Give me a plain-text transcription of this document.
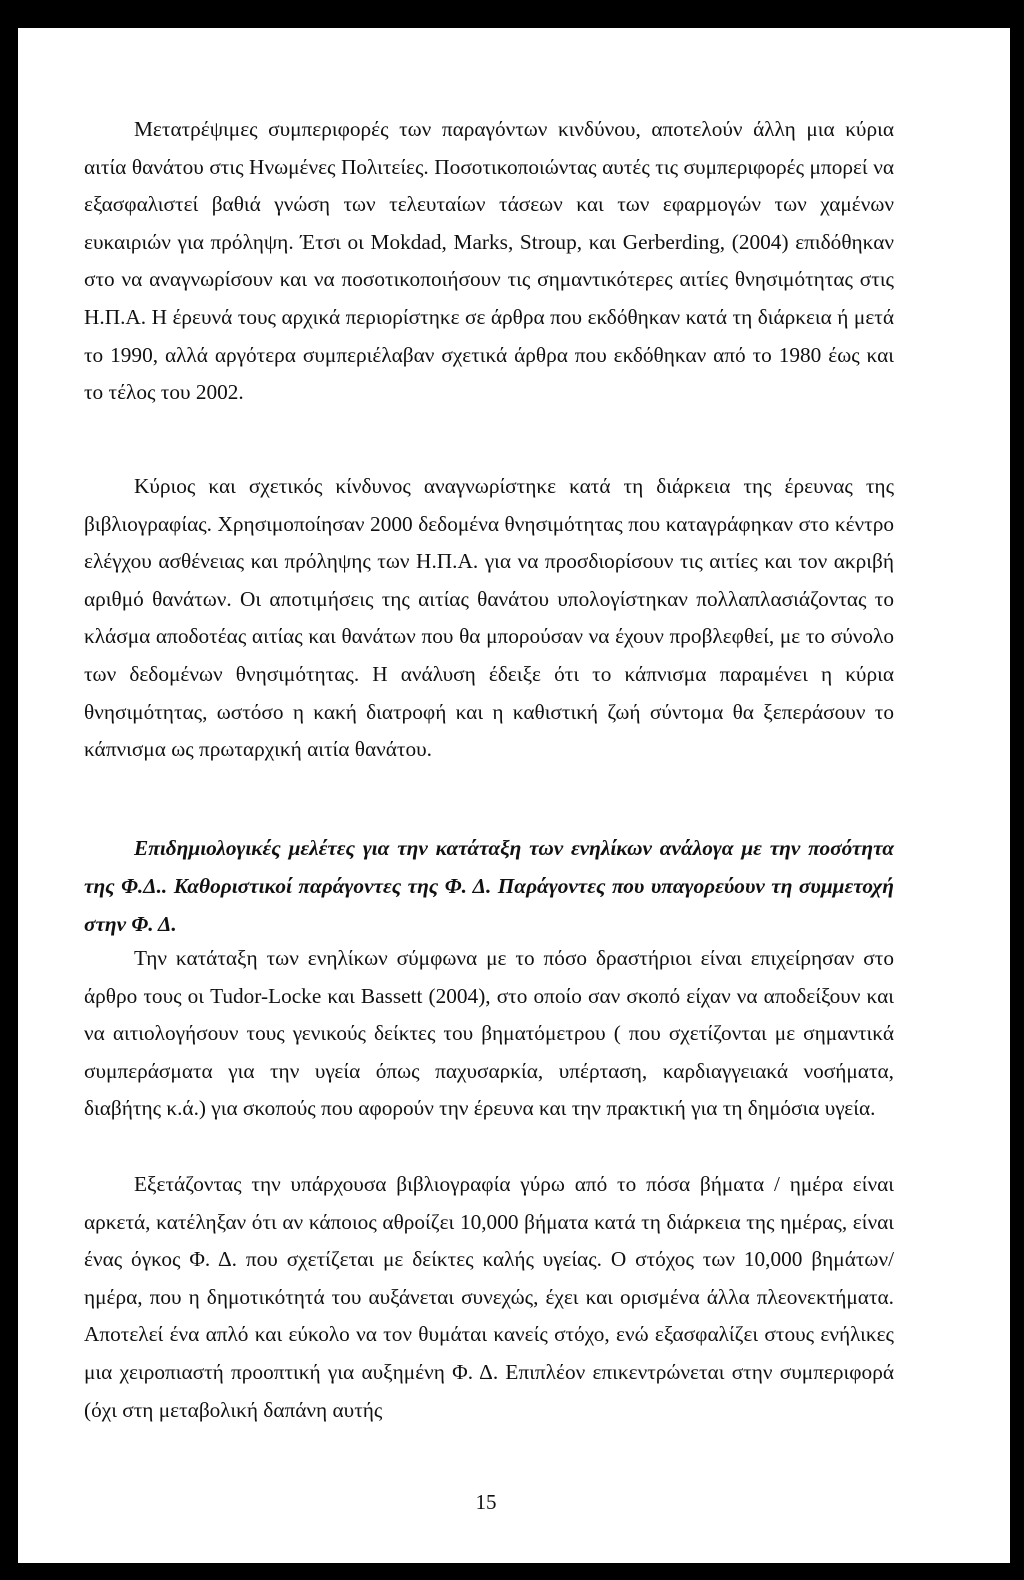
Μετατρέψιμες συμπεριφορές των παραγόντων κινδύνου, αποτελούν άλλη μια κύρια αιτία θανάτου στις Ηνωμένες Πολιτείες. Ποσοτικοποιώντας αυτές τις συμπεριφορές μπορεί να εξασφαλιστεί βαθιά γνώση των τελευταίων τάσεων και των εφαρμογών των χαμένων ευκαιριών για πρόληψη. Έτσι οι Mokdad, Marks, Stroup, και Gerberding, (2004) επιδόθηκαν στο να αναγνωρίσουν και να ποσοτικοποιήσουν τις σημαντικότερες αιτίες θνησιμότητας στις Η.Π.Α. Η έρευνά τους αρχικά περιορίστηκε σε άρθρα που εκδόθηκαν κατά τη διάρκεια ή μετά το 1990, αλλά αργότερα συμπεριέλαβαν σχετικά άρθρα που εκδόθηκαν από το 1980 έως και το τέλος του 2002.

Κύριος και σχετικός κίνδυνος αναγνωρίστηκε κατά τη διάρκεια της έρευνας της βιβλιογραφίας. Χρησιμοποίησαν 2000 δεδομένα θνησιμότητας που καταγράφηκαν στο κέντρο ελέγχου ασθένειας και πρόληψης των Η.Π.Α. για να προσδιορίσουν τις αιτίες και τον ακριβή αριθμό θανάτων. Οι αποτιμήσεις της αιτίας θανάτου υπολογίστηκαν πολλαπλασιάζοντας το κλάσμα αποδοτέας αιτίας και θανάτων που θα μπορούσαν να έχουν προβλεφθεί, με το σύνολο των δεδομένων θνησιμότητας. Η ανάλυση έδειξε ότι το κάπνισμα παραμένει η κύρια θνησιμότητας, ωστόσο η κακή διατροφή και η καθιστική ζωή σύντομα θα ξεπεράσουν το κάπνισμα ως πρωταρχική αιτία θανάτου.

Επιδημιολογικές μελέτες για την κατάταξη των ενηλίκων ανάλογα με την ποσότητα της Φ.Δ.. Καθοριστικοί παράγοντες της Φ. Δ. Παράγοντες που υπαγορεύουν τη συμμετοχή στην Φ. Δ.

Την κατάταξη των ενηλίκων σύμφωνα με το πόσο δραστήριοι είναι επιχείρησαν στο άρθρο τους οι Tudor-Locke και Bassett (2004), στο οποίο σαν σκοπό είχαν να αποδείξουν και να αιτιολογήσουν τους γενικούς δείκτες του βηματόμετρου ( που σχετίζονται με σημαντικά συμπεράσματα για την υγεία όπως παχυσαρκία, υπέρταση, καρδιαγγειακά νοσήματα, διαβήτης κ.ά.) για σκοπούς που αφορούν την έρευνα και την πρακτική για τη δημόσια υγεία.

Εξετάζοντας την υπάρχουσα βιβλιογραφία γύρω από το πόσα βήματα / ημέρα είναι αρκετά, κατέληξαν ότι αν κάποιος αθροίζει 10,000 βήματα κατά τη διάρκεια της ημέρας, είναι ένας όγκος Φ. Δ. που σχετίζεται με δείκτες καλής υγείας. Ο στόχος των 10,000 βημάτων/ημέρα, που η δημοτικότητά του αυξάνεται συνεχώς, έχει και ορισμένα άλλα πλεονεκτήματα. Αποτελεί ένα απλό και εύκολο να τον θυμάται κανείς στόχο, ενώ εξασφαλίζει στους ενήλικες μια χειροπιαστή προοπτική για αυξημένη Φ. Δ. Επιπλέον επικεντρώνεται στην συμπεριφορά (όχι στη μεταβολική δαπάνη αυτής

15
